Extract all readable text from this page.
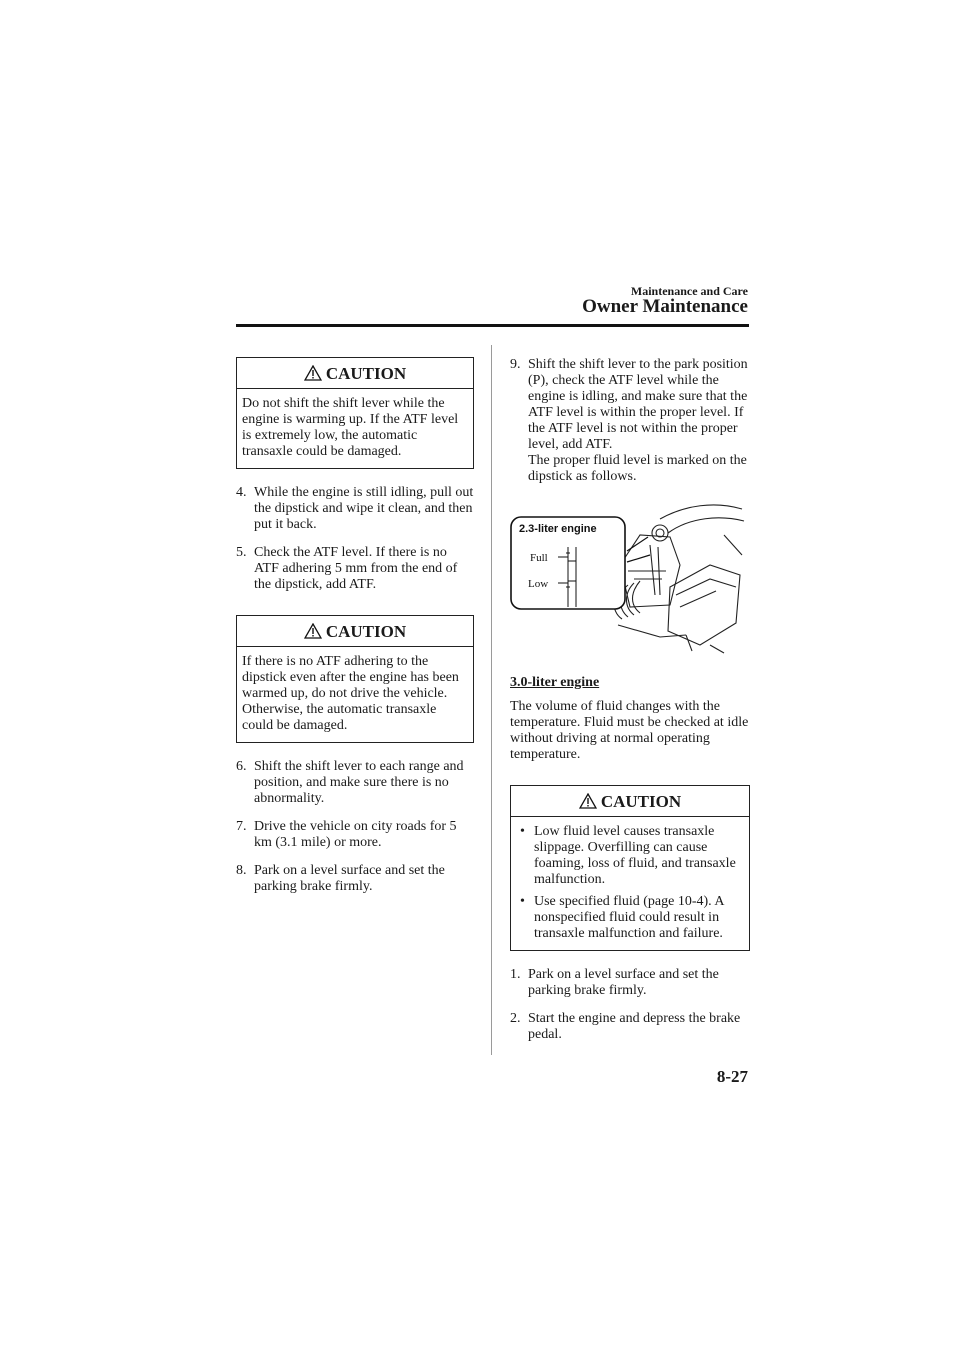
Maintenance and Care
Owner Maintenance
CAUTION
Do not shift the shift lever while the engine is warming up. If the ATF level is extremely low, the automatic transaxle could be damaged.
4. While the engine is still idling, pull out the dipstick and wipe it clean, and then put it back.
5. Check the ATF level. If there is no ATF adhering 5 mm from the end of the dipstick, add ATF.
CAUTION
If there is no ATF adhering to the dipstick even after the engine has been warmed up, do not drive the vehicle. Otherwise, the automatic transaxle could be damaged.
6. Shift the shift lever to each range and position, and make sure there is no abnormality.
7. Drive the vehicle on city roads for 5 km (3.1 mile) or more.
8. Park on a level surface and set the parking brake firmly.
9. Shift the shift lever to the park position (P), check the ATF level while the engine is idling, and make sure that the ATF level is within the proper level. If the ATF level is not within the proper level, add ATF.
The proper fluid level is marked on the dipstick as follows.
2.3-liter engine
Full
Low
3.0-liter engine
The volume of fluid changes with the temperature. Fluid must be checked at idle without driving at normal operating temperature.
CAUTION
• Low fluid level causes transaxle slippage. Overfilling can cause foaming, loss of fluid, and transaxle malfunction.
• Use specified fluid (page 10-4). A nonspecified fluid could result in transaxle malfunction and failure.
1. Park on a level surface and set the parking brake firmly.
2. Start the engine and depress the brake pedal.
8-27
